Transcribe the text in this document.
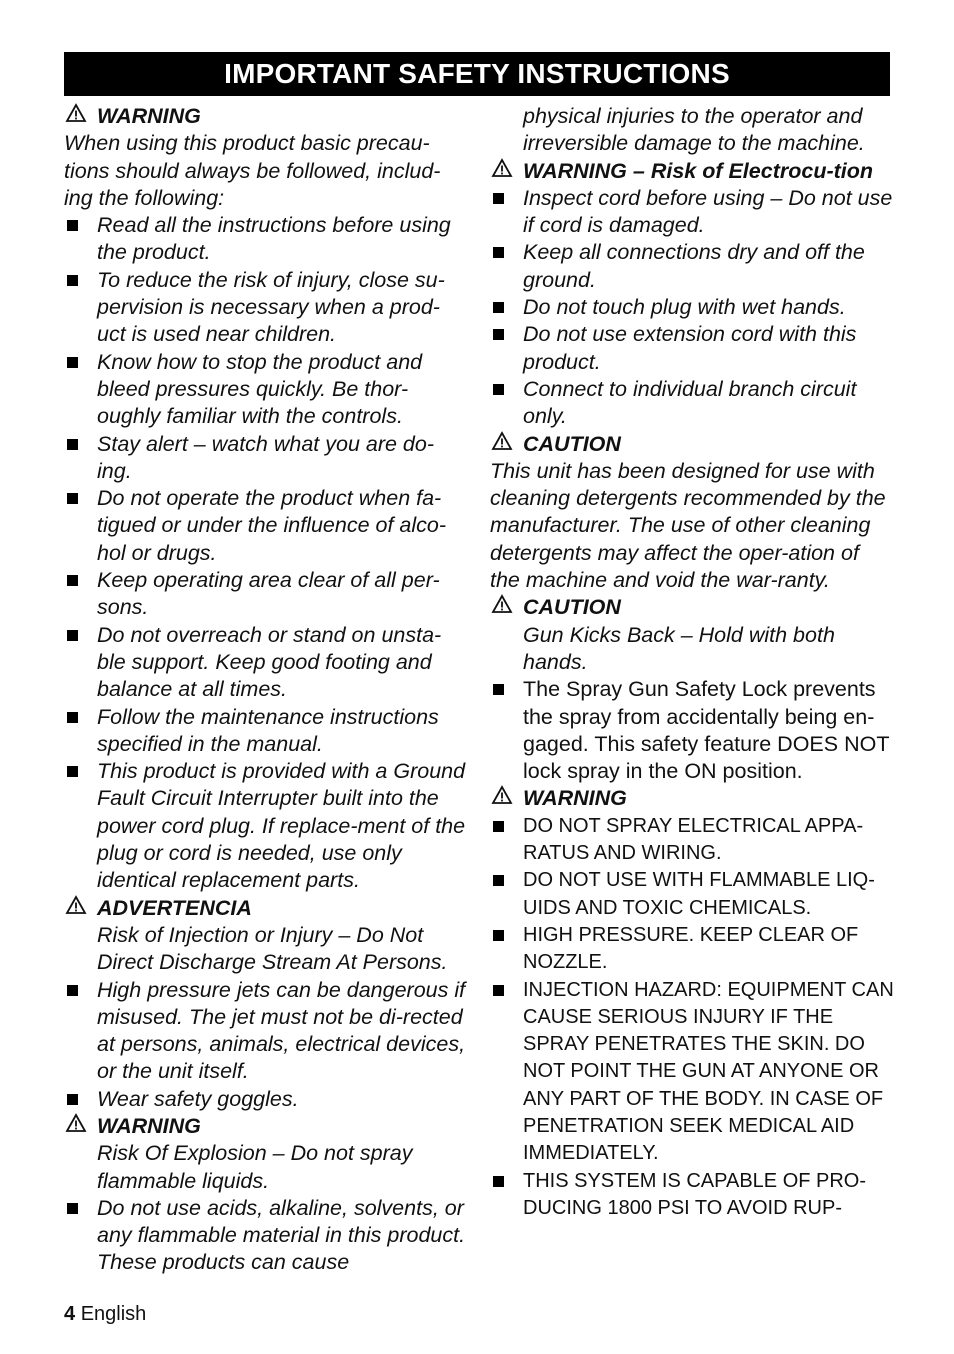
IMPORTANT SAFETY INSTRUCTIONS
WARNING
When using this product basic precau-tions should always be followed, includ-ing the following:
Read all the instructions before using the product.
To reduce the risk of injury, close su-pervision is necessary when a prod-uct is used near children.
Know how to stop the product and bleed pressures quickly. Be thor-oughly familiar with the controls.
Stay alert – watch what you are do-ing.
Do not operate the product when fa-tigued or under the influence of alco-hol or drugs.
Keep operating area clear of all per-sons.
Do not overreach or stand on unsta-ble support. Keep good footing and balance at all times.
Follow the maintenance instructions specified in the manual.
This product is provided with a Ground Fault Circuit Interrupter built into the power cord plug. If replace-ment of the plug or cord is needed, use only identical replacement parts.
ADVERTENCIA
Risk of Injection or Injury – Do Not Direct Discharge Stream At Persons.
High pressure jets can be dangerous if misused. The jet must not be di-rected at persons, animals, electrical devices, or the unit itself.
Wear safety goggles.
WARNING
Risk Of Explosion – Do not spray flammable liquids.
Do not use acids, alkaline, solvents, or any flammable material in this product. These products can cause
physical injuries to the operator and irreversible damage to the machine.
WARNING – Risk of Electrocu-tion
Inspect cord before using – Do not use if cord is damaged.
Keep all connections dry and off the ground.
Do not touch plug with wet hands.
Do not use extension cord with this product.
Connect to individual branch circuit only.
CAUTION
This unit has been designed for use with cleaning detergents recommended by the manufacturer. The use of other cleaning detergents may affect the oper-ation of the machine and void the war-ranty.
CAUTION
Gun Kicks Back – Hold with both hands.
The Spray Gun Safety Lock prevents the spray from accidentally being en-gaged. This safety feature DOES NOT lock spray in the ON position.
WARNING
DO NOT SPRAY ELECTRICAL APPA-RATUS AND WIRING.
DO NOT USE WITH FLAMMABLE LIQ-UIDS AND TOXIC CHEMICALS.
HIGH PRESSURE. KEEP CLEAR OF NOZZLE.
INJECTION HAZARD: EQUIPMENT CAN CAUSE SERIOUS INJURY IF THE SPRAY PENETRATES THE SKIN. DO NOT POINT THE GUN AT ANYONE OR ANY PART OF THE BODY. IN CASE OF PENETRATION SEEK MEDICAL AID IMMEDIATELY.
THIS SYSTEM IS CAPABLE OF PRO-DUCING 1800 PSI TO AVOID RUP-
4 English
